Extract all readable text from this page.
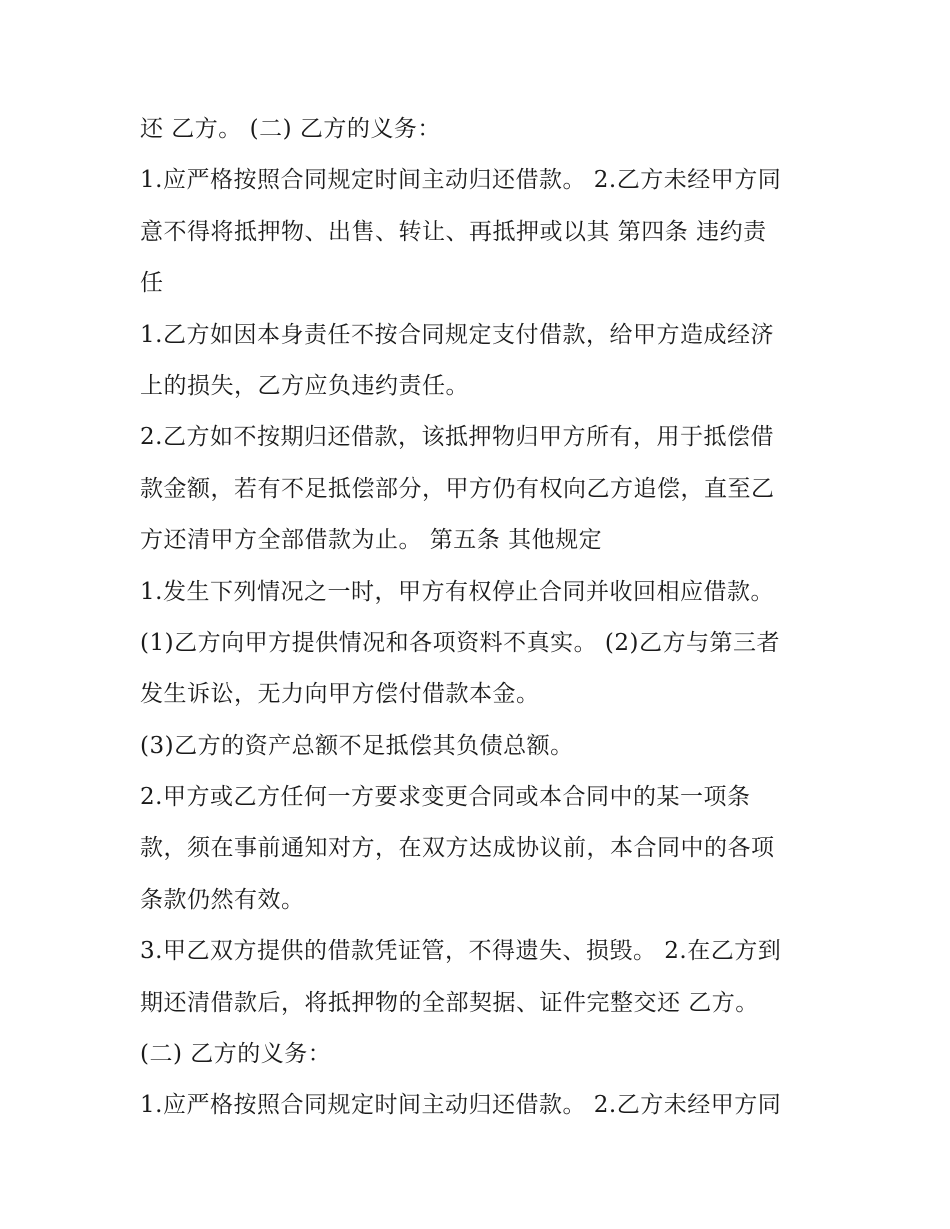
还 乙方。 (二) 乙方的义务：
1.应严格按照合同规定时间主动归还借款。 2.乙方未经甲方同
意不得将抵押物、出售、转让、再抵押或以其 第四条 违约责
任
1.乙方如因本身责任不按合同规定支付借款，给甲方造成经济
上的损失，乙方应负违约责任。
2.乙方如不按期归还借款，该抵押物归甲方所有，用于抵偿借
款金额，若有不足抵偿部分，甲方仍有权向乙方追偿，直至乙
方还清甲方全部借款为止。 第五条 其他规定
1.发生下列情况之一时，甲方有权停止合同并收回相应借款。
(1)乙方向甲方提供情况和各项资料不真实。 (2)乙方与第三者
发生诉讼，无力向甲方偿付借款本金。
(3)乙方的资产总额不足抵偿其负债总额。
2.甲方或乙方任何一方要求变更合同或本合同中的某一项条
款，须在事前通知对方，在双方达成协议前，本合同中的各项
条款仍然有效。
3.甲乙双方提供的借款凭证管，不得遗失、损毁。 2.在乙方到
期还清借款后，将抵押物的全部契据、证件完整交还 乙方。
(二) 乙方的义务：
1.应严格按照合同规定时间主动归还借款。 2.乙方未经甲方同
